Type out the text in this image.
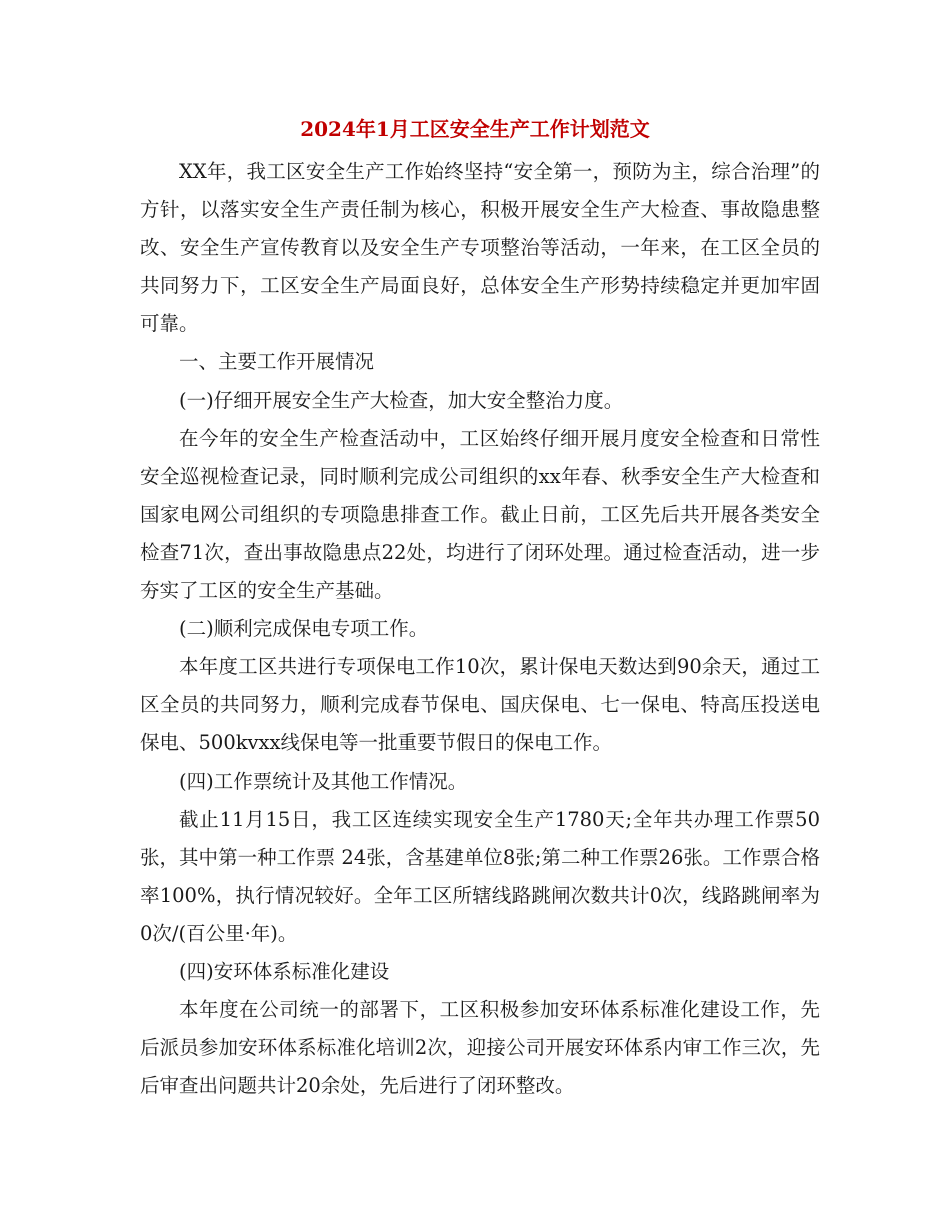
2024年1月工区安全生产工作计划范文

XX年，我工区安全生产工作始终坚持“安全第一，预防为主，综合治理”的方针，以落实安全生产责任制为核心，积极开展安全生产大检查、事故隐患整改、安全生产宣传教育以及安全生产专项整治等活动，一年来，在工区全员的共同努力下，工区安全生产局面良好，总体安全生产形势持续稳定并更加牢固可靠。

一、主要工作开展情况

(一)仔细开展安全生产大检查，加大安全整治力度。

在今年的安全生产检查活动中，工区始终仔细开展月度安全检查和日常性安全巡视检查记录，同时顺利完成公司组织的xx年春、秋季安全生产大检查和国家电网公司组织的专项隐患排查工作。截止日前，工区先后共开展各类安全检查71次，查出事故隐患点22处，均进行了闭环处理。通过检查活动，进一步夯实了工区的安全生产基础。

(二)顺利完成保电专项工作。

本年度工区共进行专项保电工作10次，累计保电天数达到90余天，通过工区全员的共同努力，顺利完成春节保电、国庆保电、七一保电、特高压投送电保电、500kvxx线保电等一批重要节假日的保电工作。

(四)工作票统计及其他工作情况。

截止11月15日，我工区连续实现安全生产1780天;全年共办理工作票50张，其中第一种工作票 24张，含基建单位8张;第二种工作票26张。工作票合格率100%，执行情况较好。全年工区所辖线路跳闸次数共计0次，线路跳闸率为0次/(百公里·年)。

(四)安环体系标准化建设

本年度在公司统一的部署下，工区积极参加安环体系标准化建设工作，先后派员参加安环体系标准化培训2次，迎接公司开展安环体系内审工作三次，先后审查出问题共计20余处，先后进行了闭环整改。
